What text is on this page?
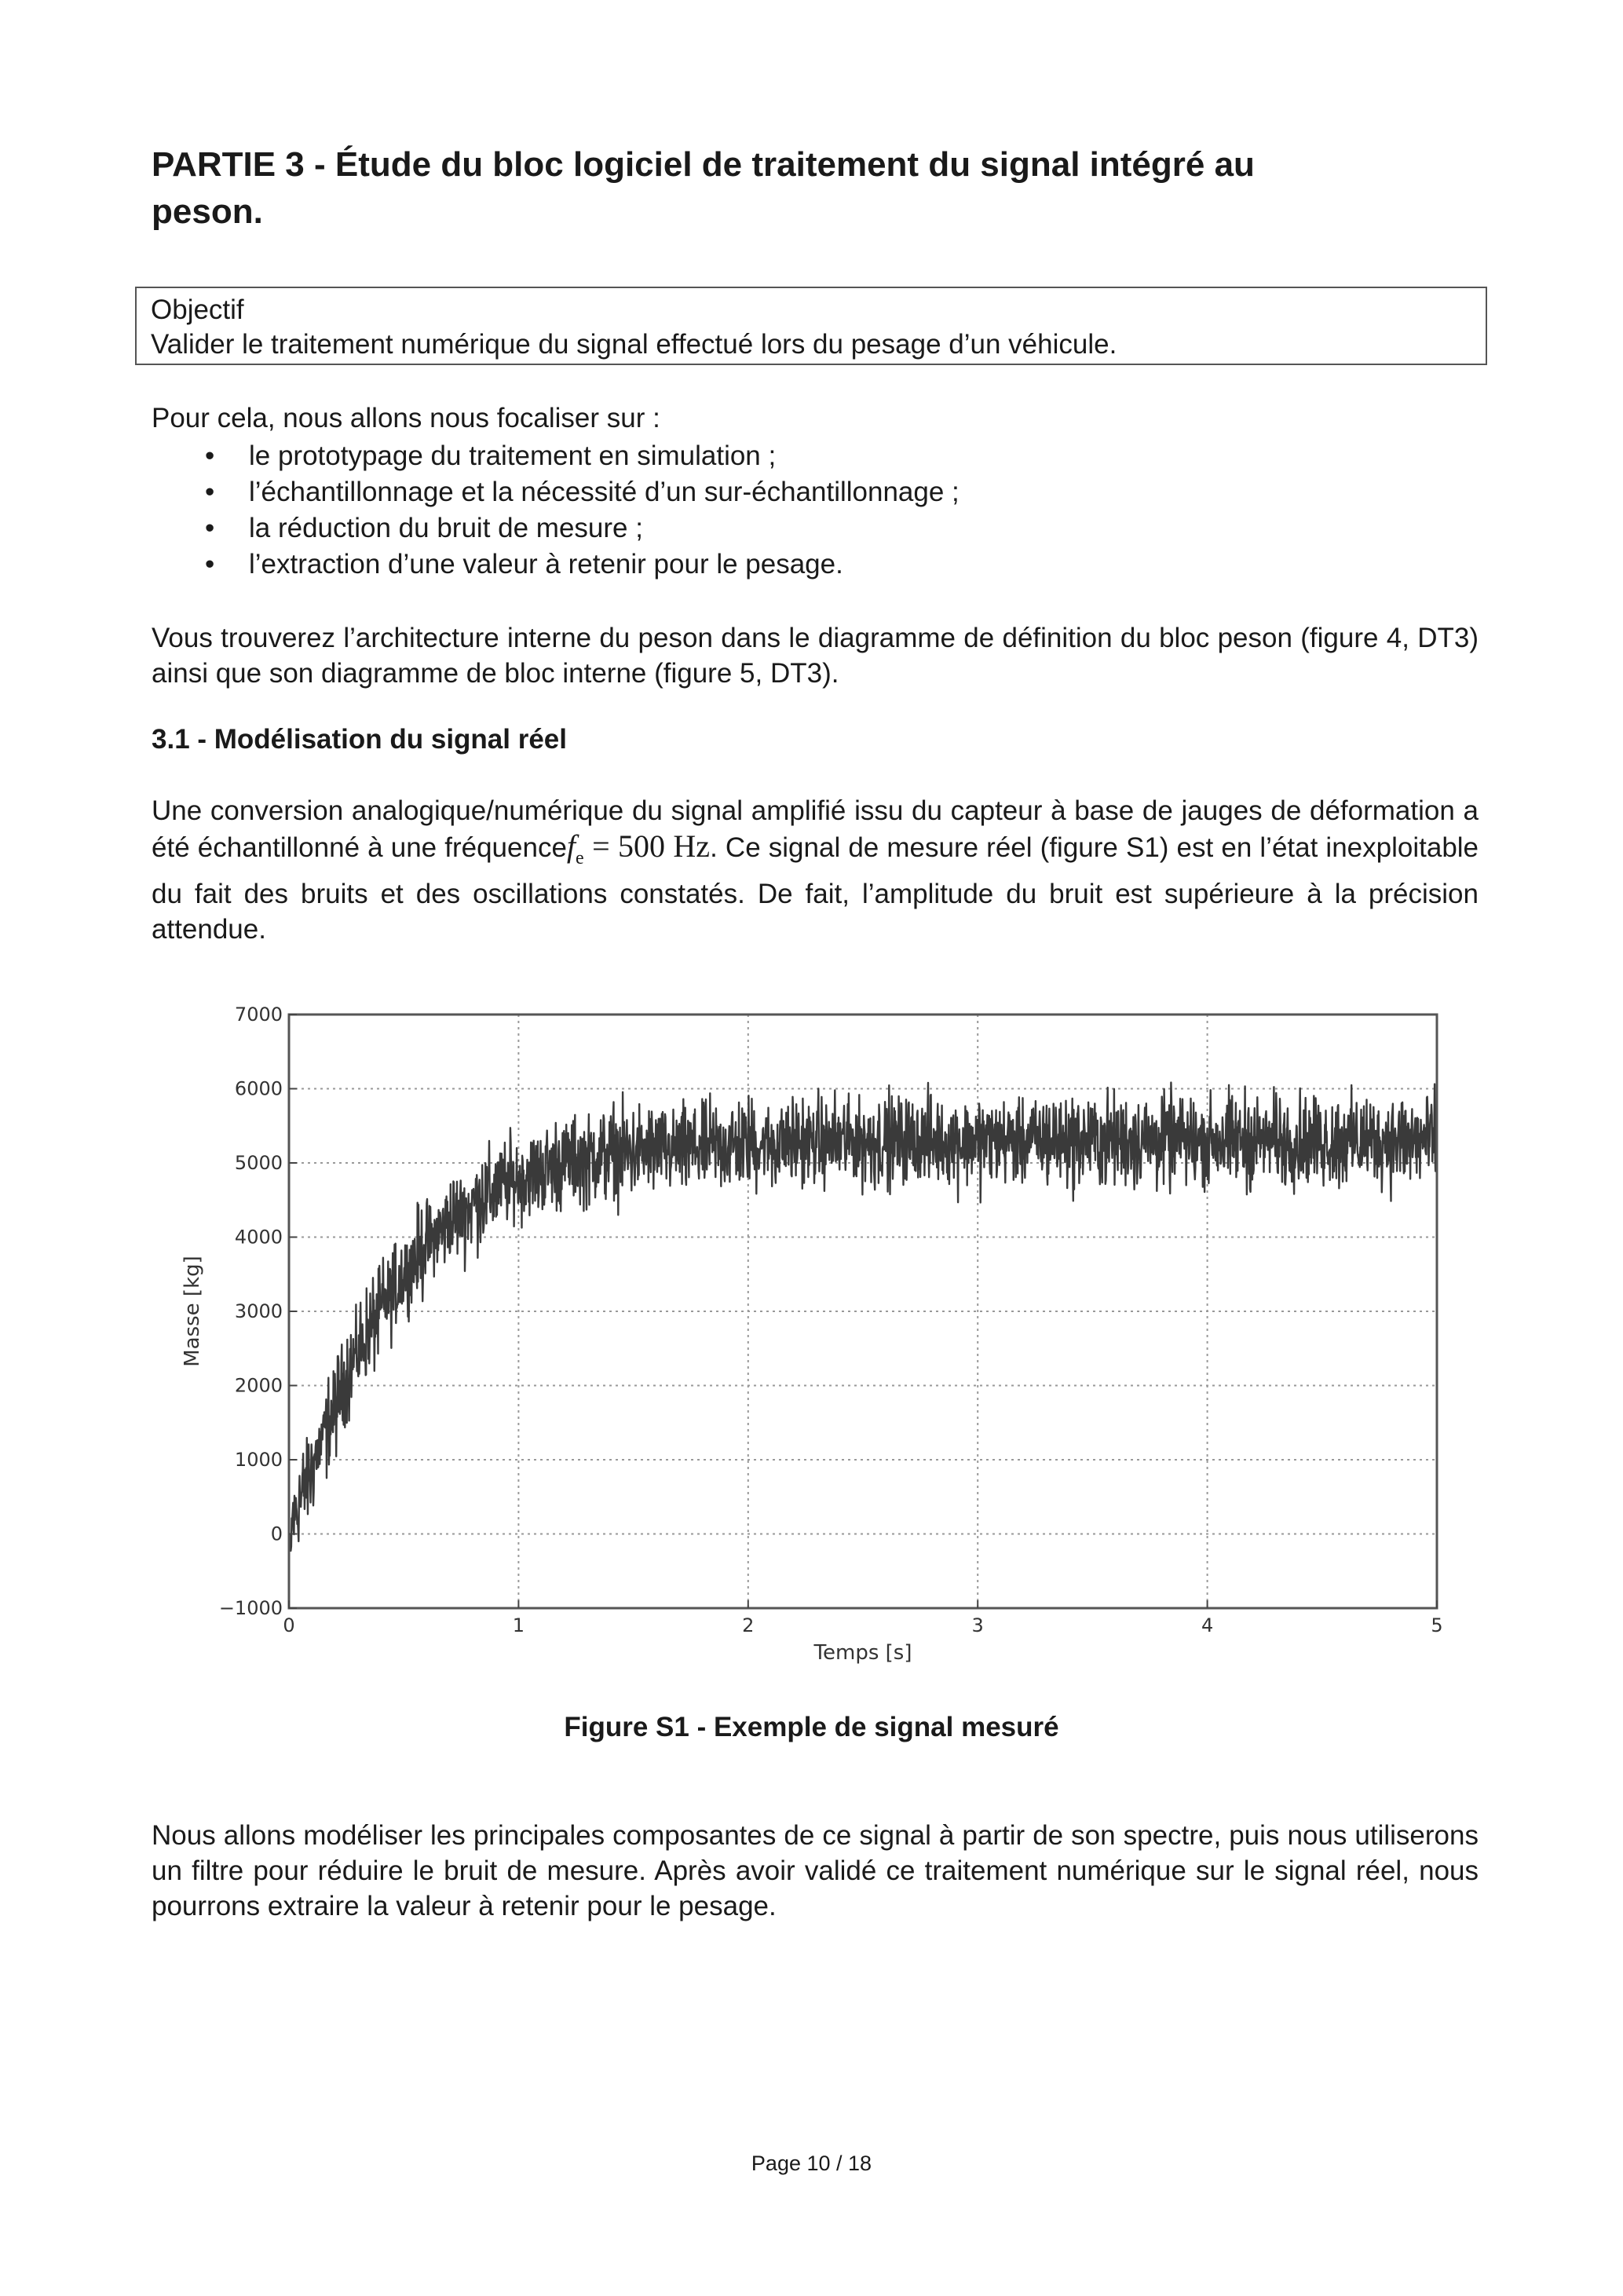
PARTIE 3 - Étude du bloc logiciel de traitement du signal intégré au
peson.
Objectif
Valider le traitement numérique du signal effectué lors du pesage d’un véhicule.

Pour cela, nous allons nous focaliser sur :

• le prototypage du traitement en simulation ;
• l’échantillonnage et la nécessité d’un sur-échantillonnage ;
• la réduction du bruit de mesure ;
• l’extraction d’une valeur à retenir pour le pesage.

Vous trouverez l’architecture interne du peson dans le diagramme de définition du bloc peson (figure 4, DT3) ainsi que son diagramme de bloc interne (figure 5, DT3).

3.1 - Modélisation du signal réel

Une conversion analogique/numérique du signal amplifié issu du capteur à base de jauges de déformation a été échantillonné à une fréquencef$_e$ = 500 Hz. Ce signal de mesure réel (figure S1) est en l’état inexploitable du fait des bruits et des oscillations constatés. De fait, l’amplitude du bruit est supérieure à la précision attendue.

0	1	2	3	4	5
−1000
0
1000
2000
3000
4000
5000
6000
7000
Temps [s]
Masse [kg]
Figure S1 - Exemple de signal mesuré

Nous allons modéliser les principales composantes de ce signal à partir de son spectre, puis nous utiliserons un filtre pour réduire le bruit de mesure. Après avoir validé ce traitement numérique sur le signal réel, nous pourrons extraire la valeur à retenir pour le pesage.

Page 10 / 18
